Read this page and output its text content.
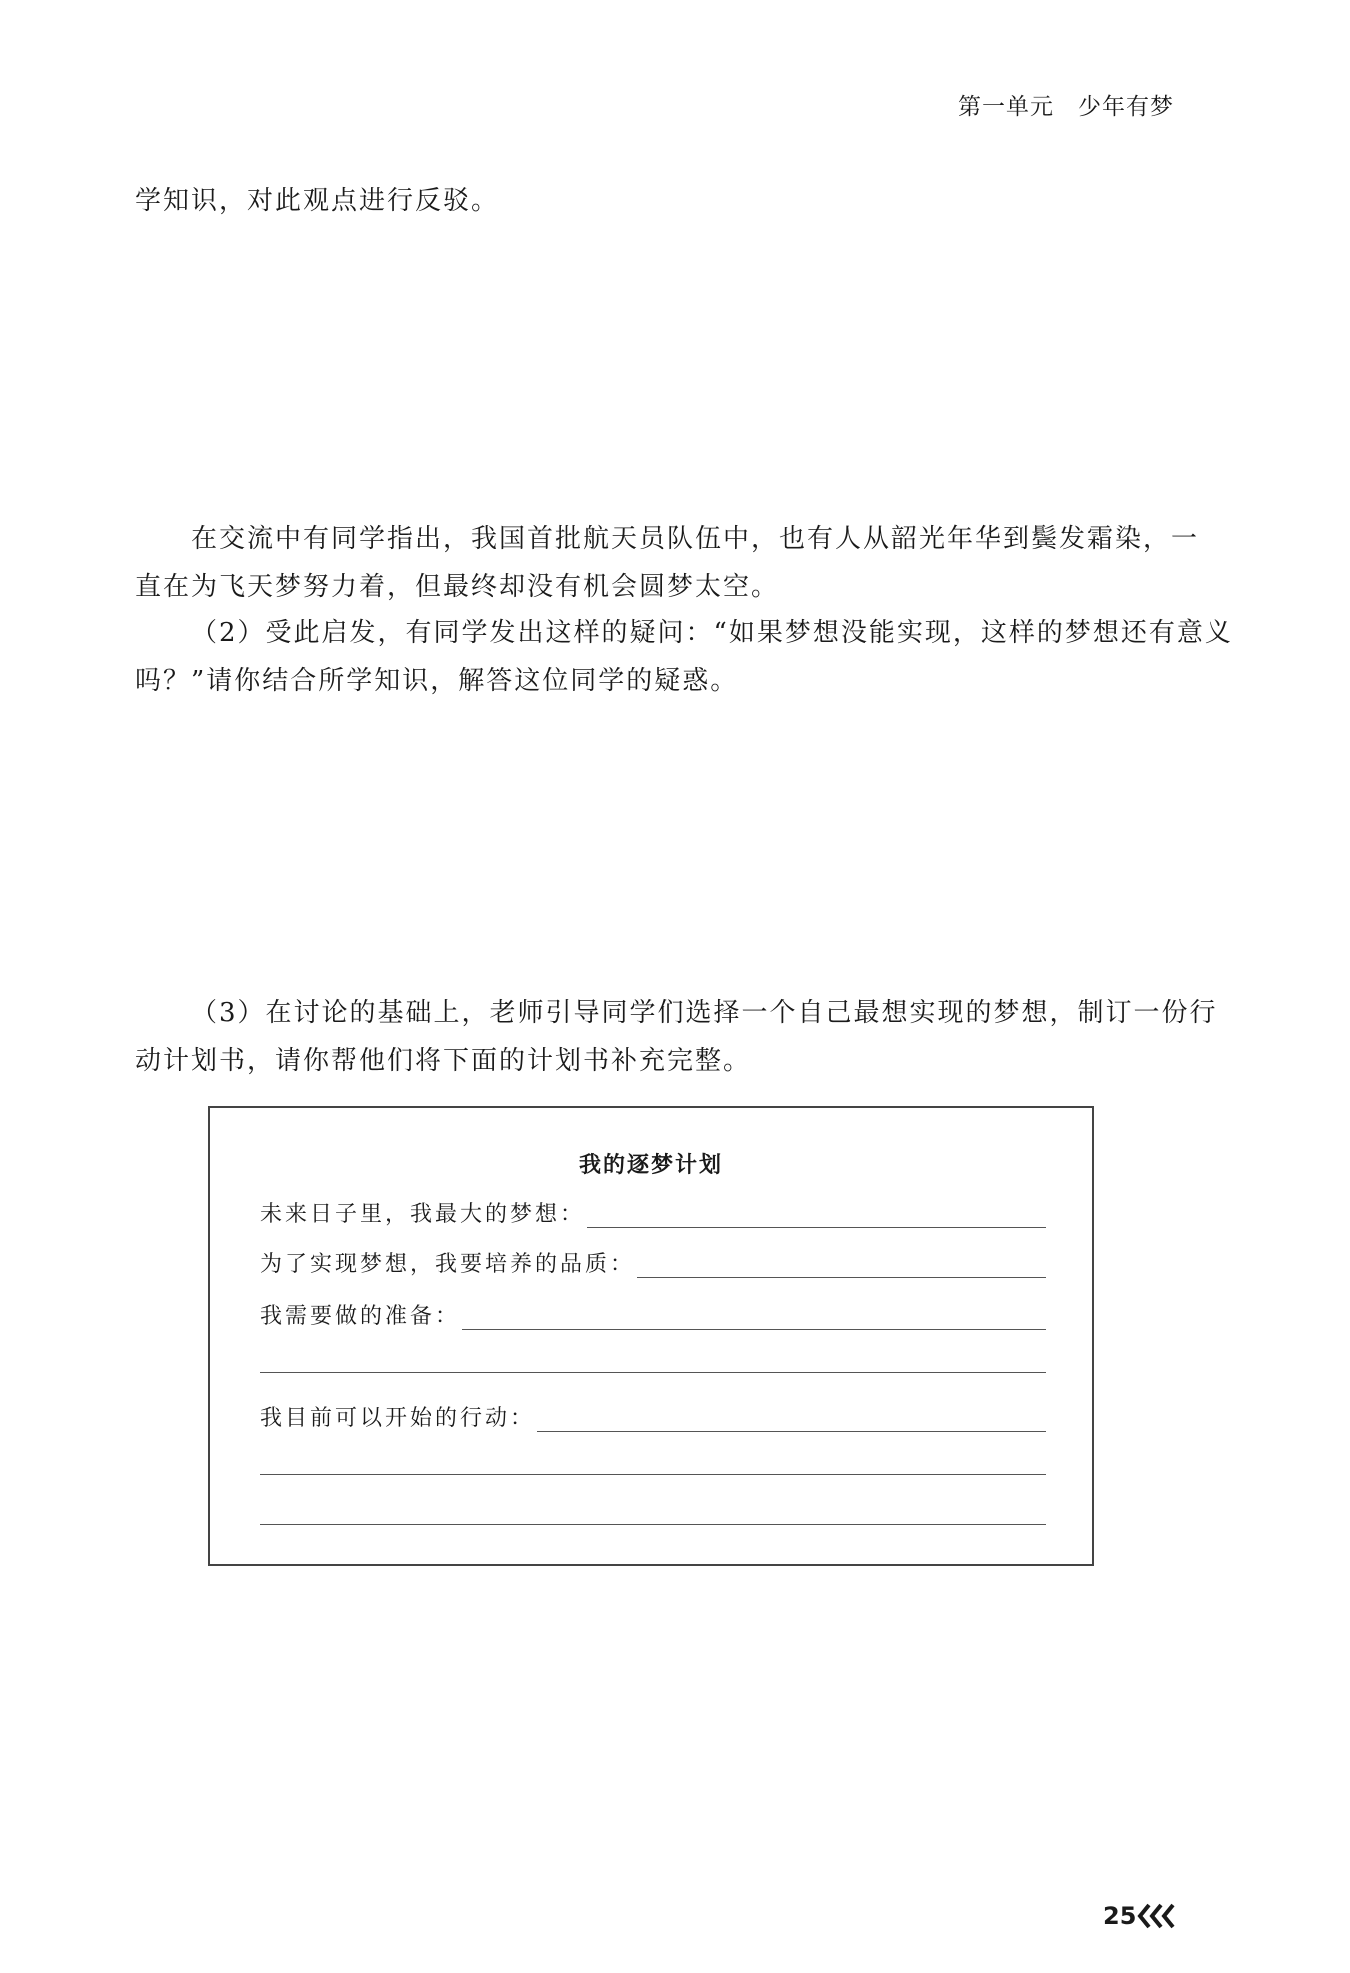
第一单元　少年有梦

学知识，对此观点进行反驳。

在交流中有同学指出，我国首批航天员队伍中，也有人从韶光年华到鬓发霜染，一

直在为飞天梦努力着，但最终却没有机会圆梦太空。

（2）受此启发，有同学发出这样的疑问：“如果梦想没能实现，这样的梦想还有意义

吗？”请你结合所学知识，解答这位同学的疑惑。

（3）在讨论的基础上，老师引导同学们选择一个自己最想实现的梦想，制订一份行

动计划书，请你帮他们将下面的计划书补充完整。

我的逐梦计划
未来日子里，我最大的梦想：
为了实现梦想，我要培养的品质：
我需要做的准备：
我目前可以开始的行动：
25
